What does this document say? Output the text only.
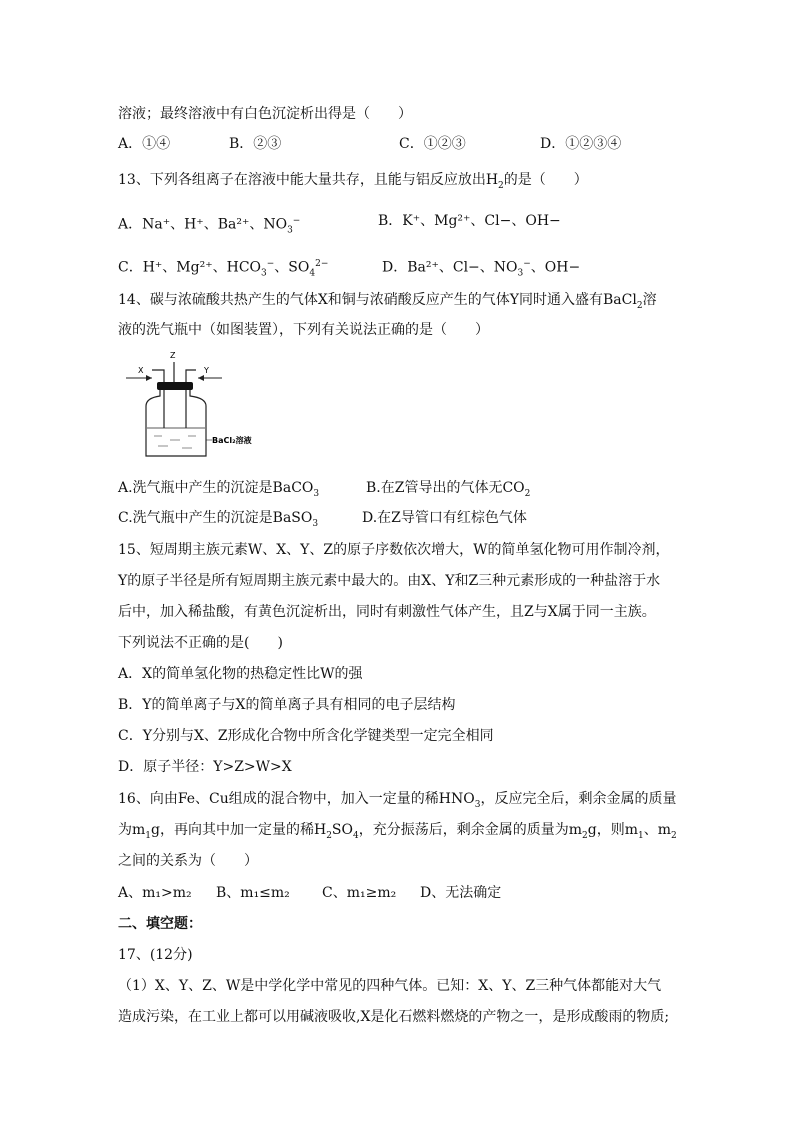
溶液；最终溶液中有白色沉淀析出得是（　　）
A．①④	B．②③	C．①②③	D．①②③④
13、下列各组离子在溶液中能大量共存，且能与铝反应放出$H_2$的是（　　）
A．Na⁺、H⁺、Ba²⁺、$NO_3^-$	B．K⁺、Mg²⁺、Cl−、OH−
C．H⁺、Mg²⁺、$HCO_3^-$、$SO_4^{2-}$	D．Ba²⁺、Cl−、$NO_3^-$、OH−
14、碳与浓硫酸共热产生的气体X和铜与浓硝酸反应产生的气体Y同时通入盛有BaCl$_2$溶
液的洗气瓶中（如图装置），下列有关说法正确的是（　　）
Z
X	Y
BaCl₂溶液
A.洗气瓶中产生的沉淀是BaCO$_3$	B.在Z管导出的气体无$CO_2$
C.洗气瓶中产生的沉淀是BaSO$_3$	D.在Z导管口有红棕色气体
15、短周期主族元素W、X、Y、Z的原子序数依次增大，W的简单氢化物可用作制冷剂，
Y的原子半径是所有短周期主族元素中最大的。由X、Y和Z三种元素形成的一种盐溶于水
后中，加入稀盐酸，有黄色沉淀析出，同时有刺激性气体产生，且Z与X属于同一主族。
下列说法不正确的是(　　)
A．X的简单氢化物的热稳定性比W的强
B．Y的简单离子与X的简单离子具有相同的电子层结构
C．Y分别与X、Z形成化合物中所含化学键类型一定完全相同
D．原子半径：Y>Z>W>X
16、向由Fe、Cu组成的混合物中，加入一定量的稀$HNO_3$，反应完全后，剩余金属的质量
为$m_1g$，再向其中加一定量的稀$H_2SO_4$，充分振荡后，剩余金属的质量为$m_2g$，则$m_1$、$m_2$
之间的关系为（　　）
A、m₁>m₂ B、m₁≤m₂ C、m₁≥m₂ D、无法确定
二、填空题：
17、(12分)
（1）X、Y、Z、W是中学化学中常见的四种气体。已知：X、Y、Z三种气体都能对大气
造成污染，在工业上都可以用碱液吸收,X是化石燃料燃烧的产物之一，是形成酸雨的物质;
